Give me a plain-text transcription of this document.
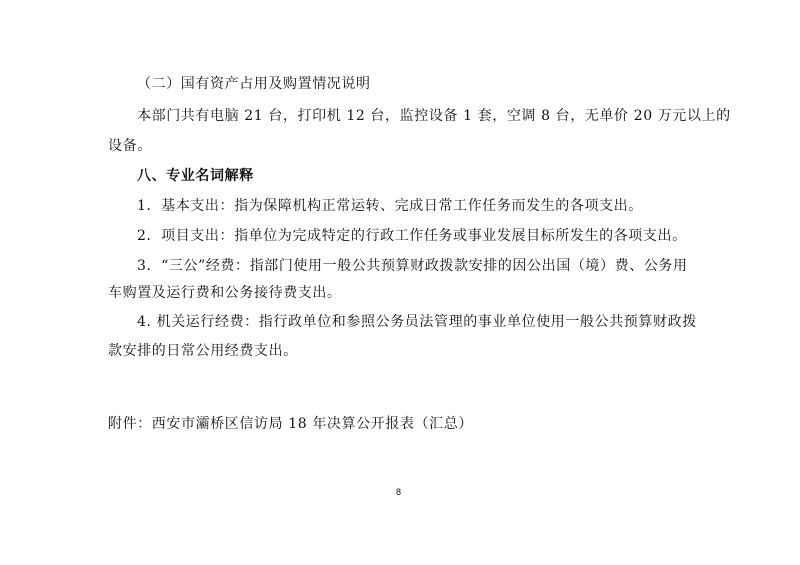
（二）国有资产占用及购置情况说明
本部门共有电脑 21 台，打印机 12 台，监控设备 1 套，空调 8 台，无单价 20 万元以上的
设备。
八、专业名词解释
1．基本支出：指为保障机构正常运转、完成日常工作任务而发生的各项支出。
2．项目支出：指单位为完成特定的行政工作任务或事业发展目标所发生的各项支出。
3．“三公”经费：指部门使用一般公共预算财政拨款安排的因公出国（境）费、公务用
车购置及运行费和公务接待费支出。
4. 机关运行经费：指行政单位和参照公务员法管理的事业单位使用一般公共预算财政拨
款安排的日常公用经费支出。
附件：西安市灞桥区信访局 18 年决算公开报表（汇总）
8
